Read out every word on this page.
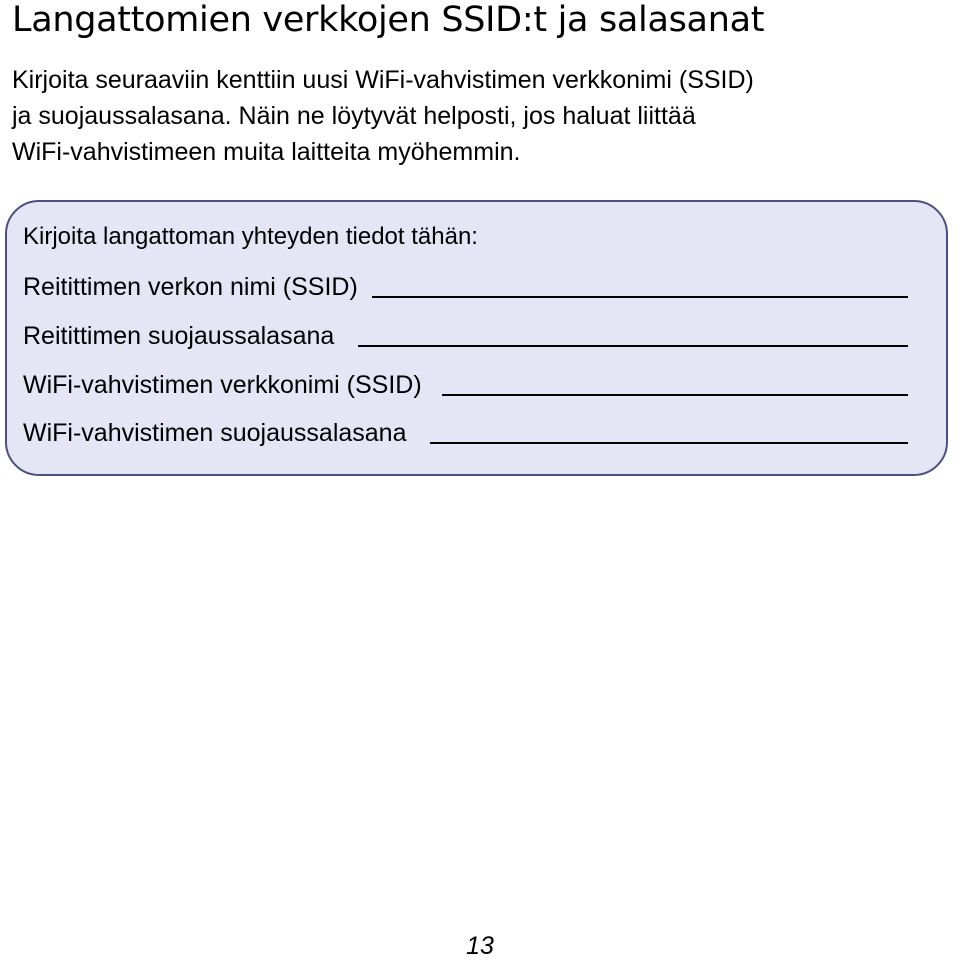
Langattomien verkkojen SSID:t ja salasanat

Kirjoita seuraaviin kenttiin uusi WiFi-vahvistimen verkkonimi (SSID)
ja suojaussalasana. Näin ne löytyvät helposti, jos haluat liittää
WiFi-vahvistimeen muita laitteita myöhemmin.

Kirjoita langattoman yhteyden tiedot tähän:

Reitittimen verkon nimi (SSID)
Reitittimen suojaussalasana
WiFi-vahvistimen verkkonimi (SSID)
WiFi-vahvistimen suojaussalasana
13
